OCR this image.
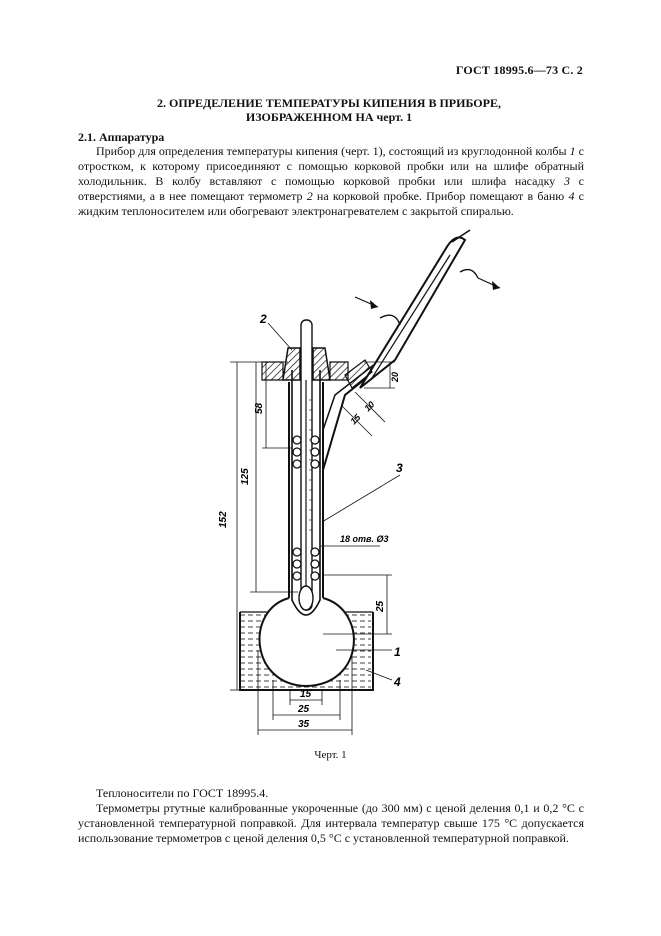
ГОСТ 18995.6—73 С. 2
2. ОПРЕДЕЛЕНИЕ ТЕМПЕРАТУРЫ КИПЕНИЯ В ПРИБОРЕ,
ИЗОБРАЖЕННОМ НА черт. 1
2.1. Аппаратура
Прибор для определения температуры кипения (черт. 1), состоящий из круглодонной колбы 1 с отростком, к которому присоединяют с помощью корковой пробки или на шлифе обратный холодильник. В колбу вставляют с помощью корковой пробки или шлифа насадку 3 с отверстиями, а в нее помещают термометр 2 на корковой пробке. Прибор помещают в баню 4 с жидким теплоносителем или обогревают электронагревателем с закрытой спиралью.
152
125
58
25
20
15
10
15
25
35
18 отв. Ø3
2
3
1
4
Черт. 1
Теплоносители по ГОСТ 18995.4.
Термометры ртутные калиброванные укороченные (до 300 мм) с ценой деления 0,1 и 0,2 °С с установленной температурной поправкой. Для интервала температур свыше 175 °С допускается использование термометров с ценой деления 0,5 °С с установленной температурной поправкой.
